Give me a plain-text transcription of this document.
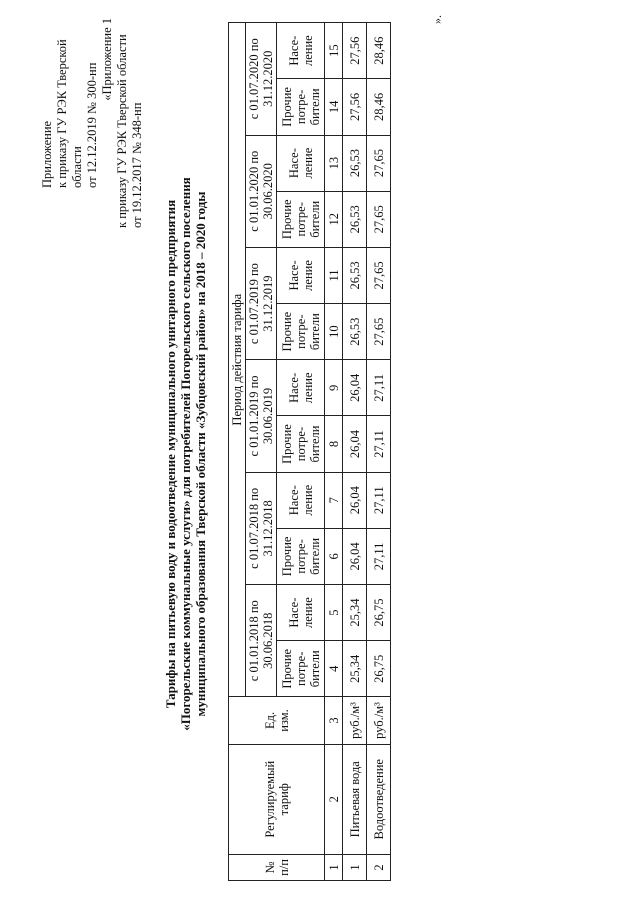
Приложение к приказу ГУ РЭК Тверской области от 12.12.2019 № 300-нп
«Приложение 1 к приказу ГУ РЭК Тверской области от 19.12.2017 № 348-нп
Тарифы на питьевую воду и водоотведение муниципального унитарного предприятия «Погорельские коммунальные услуги» для потребителей Погорельского сельского поселения муниципального образования Тверской области «Зубцовский район» на 2018 – 2020 годы
№ п/п	Регулируемый тариф	Ед. изм.	Период действия тарифа											
			с 01.01.2018 по 30.06.2018		с 01.07.2018 по 31.12.2018		с 01.01.2019 по 30.06.2019		с 01.07.2019 по 31.12.2019		с 01.01.2020 по 30.06.2020		с 01.07.2020 по 31.12.2020	
			Прочие потре-бители	Насе-ление	Прочие потре-бители	Насе-ление	Прочие потре-бители	Насе-ление	Прочие потре-бители	Насе-ление	Прочие потре-бители	Насе-ление	Прочие потре-бители	Насе-ление
1	2	3	4	5	6	7	8	9	10	11	12	13	14	15
1	Питьевая вода	руб./м³	25,34	25,34	26,04	26,04	26,04	26,04	26,53	26,53	26,53	26,53	27,56	27,56
2	Водоотведение	руб./м³	26,75	26,75	27,11	27,11	27,11	27,11	27,65	27,65	27,65	27,65	28,46	28,46
».
